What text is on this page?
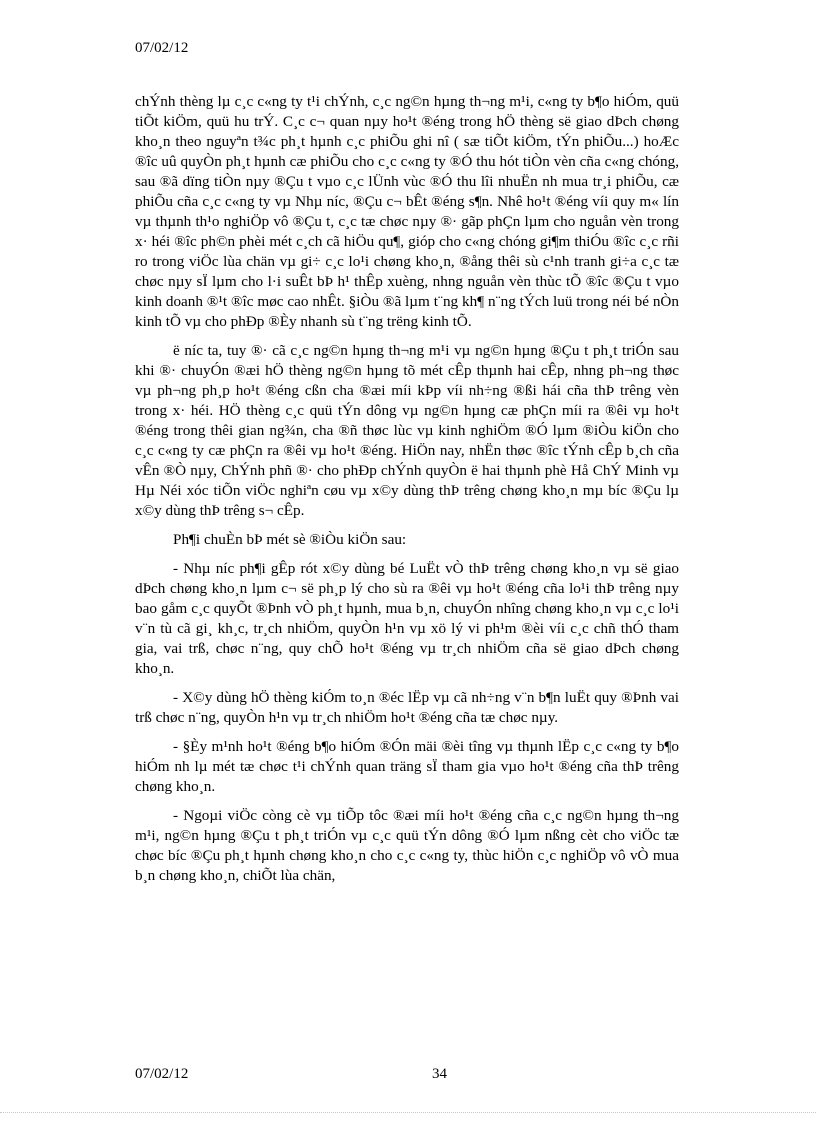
07/02/12

chÝnh thèng lµ c¸c c«ng ty t¹i chÝnh, c¸c ng©n hµng th¬ng m¹i, c«ng ty b¶o hiÓm, quü tiÕt kiÖm, quü hu trÝ. C¸c c¬ quan nµy ho¹t ®éng trong hÖ thèng së giao dÞch chøng kho¸n theo nguyªn t¾c ph¸t hµnh c¸c phiÕu ghi nî ( sæ tiÕt kiÖm, tÝn phiÕu...) hoÆc ®îc uû quyÒn ph¸t hµnh cæ phiÕu cho c¸c c«ng ty ®Ó thu hót tiÒn vèn cña c«ng chóng, sau ®ã dïng tiÒn nµy ®Çu t vµo c¸c lÜnh vùc ®Ó thu lîi nhuËn nh mua tr¸i phiÕu, cæ phiÕu cña c¸c c«ng ty vµ Nhµ níc, ®Çu c¬ bÊt ®éng s¶n. Nhê ho¹t ®éng víi quy m« lín vµ thµnh th¹o nghiÖp vô ®Çu t, c¸c tæ chøc nµy ®· gãp phÇn lµm cho nguån vèn trong x· héi ®îc ph©n phèi mét c¸ch cã hiÖu qu¶, gióp cho c«ng chóng gi¶m thiÓu ®îc c¸c rñi ro trong viÖc lùa chän vµ gi÷ c¸c lo¹i chøng kho¸n, ®ång thêi sù c¹nh tranh gi÷a c¸c tæ chøc nµy sÏ lµm cho l·i suÊt bÞ h¹ thÊp xuèng, nhng nguån vèn thùc tÕ ®îc ®Çu t vµo kinh doanh ®¹t ®îc møc cao nhÊt. §iÒu ®ã lµm t¨ng kh¶ n¨ng tÝch luü trong néi bé nÒn kinh tÕ vµ cho phÐp ®Èy nhanh sù t¨ng trëng kinh tÕ.

ë níc ta, tuy ®· cã c¸c ng©n hµng th¬ng m¹i vµ ng©n hµng ®Çu t ph¸t triÓn sau khi ®· chuyÓn ®æi hÖ thèng ng©n hµng tõ mét cÊp thµnh hai cÊp, nhng ph¬ng thøc vµ ph¬ng ph¸p ho¹t ®éng cßn cha ®æi míi kÞp víi nh÷ng ®ßi hái cña thÞ trêng vèn trong x· héi. HÖ thèng c¸c quü tÝn dông vµ ng©n hµng cæ phÇn míi ra ®êi vµ ho¹t ®éng trong thêi gian ng¾n, cha ®ñ thøc lùc vµ kinh nghiÖm ®Ó lµm ®iÒu kiÖn cho c¸c c«ng ty cæ phÇn ra ®êi vµ ho¹t ®éng. HiÖn nay, nhËn thøc ®îc tÝnh cÊp b¸ch cña vÊn ®Ò nµy, ChÝnh phñ ®· cho phÐp chÝnh quyÒn ë hai thµnh phè Hå ChÝ Minh vµ Hµ Néi xóc tiÕn viÖc nghiªn cøu vµ x©y dùng thÞ trêng chøng kho¸n mµ bíc ®Çu lµ x©y dùng thÞ trêng s¬ cÊp.

Ph¶i chuÈn bÞ mét sè ®iÒu kiÖn sau:

- Nhµ níc ph¶i gÊp rót x©y dùng bé LuËt vÒ thÞ trêng chøng kho¸n vµ së giao dÞch chøng kho¸n lµm c¬ së ph¸p lý cho sù ra ®êi vµ ho¹t ®éng cña lo¹i thÞ trêng nµy bao gåm c¸c quyÕt ®Þnh vÒ ph¸t hµnh, mua b¸n, chuyÓn nhîng chøng kho¸n vµ c¸c lo¹i v¨n tù cã gi¸ kh¸c, tr¸ch nhiÖm, quyÒn h¹n vµ xö lý vi ph¹m ®èi víi c¸c chñ thÓ tham gia, vai trß, chøc n¨ng, quy chÕ ho¹t ®éng vµ tr¸ch nhiÖm cña së giao dÞch chøng kho¸n.

- X©y dùng hÖ thèng kiÓm to¸n ®éc lËp vµ cã nh÷ng v¨n b¶n luËt quy ®Þnh vai trß chøc n¨ng, quyÒn h¹n vµ tr¸ch nhiÖm ho¹t ®éng cña tæ chøc nµy.

- §Èy m¹nh ho¹t ®éng b¶o hiÓm ®Ón mäi ®èi tîng vµ thµnh lËp c¸c c«ng ty b¶o hiÓm nh lµ mét tæ chøc t¹i chÝnh quan träng sÏ tham gia vµo ho¹t ®éng cña thÞ trêng chøng kho¸n.

- Ngoµi viÖc còng cè vµ tiÕp tôc ®æi míi ho¹t ®éng cña c¸c ng©n hµng th¬ng m¹i, ng©n hµng ®Çu t ph¸t triÓn vµ c¸c quü tÝn dông ®Ó lµm nßng cèt cho viÖc tæ chøc bíc ®Çu ph¸t hµnh chøng kho¸n cho c¸c c«ng ty, thùc hiÖn c¸c nghiÖp vô vÒ mua b¸n chøng kho¸n, chiÕt lùa chän,

07/02/12	34
